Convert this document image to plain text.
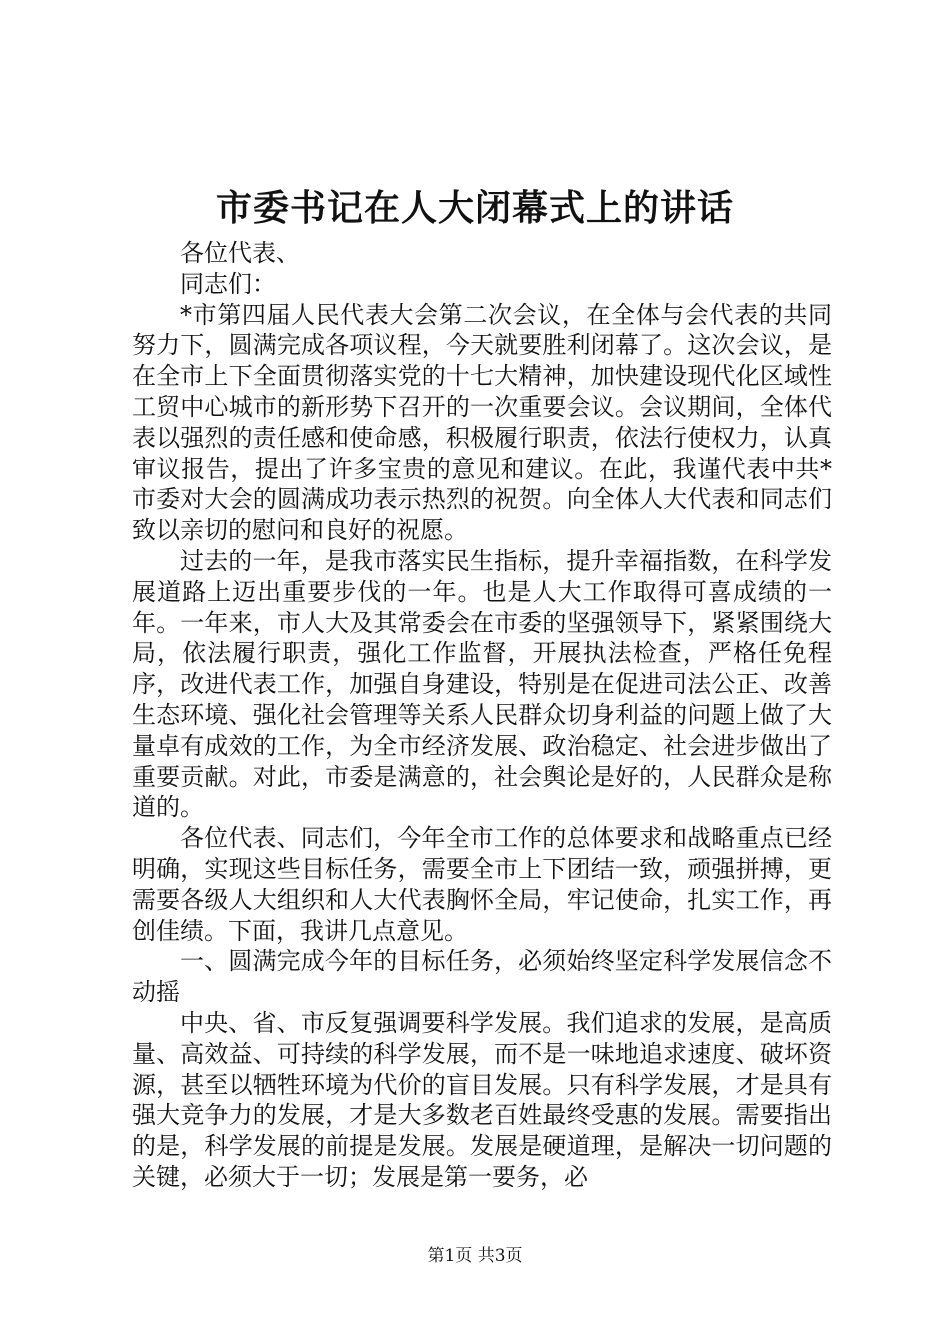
市委书记在人大闭幕式上的讲话

各位代表、

同志们：

*市第四届人民代表大会第二次会议，在全体与会代表的共同努力下，圆满完成各项议程，今天就要胜利闭幕了。这次会议，是在全市上下全面贯彻落实党的十七大精神，加快建设现代化区域性工贸中心城市的新形势下召开的一次重要会议。会议期间，全体代表以强烈的责任感和使命感，积极履行职责，依法行使权力，认真审议报告，提出了许多宝贵的意见和建议。在此，我谨代表中共*市委对大会的圆满成功表示热烈的祝贺。向全体人大代表和同志们致以亲切的慰问和良好的祝愿。

过去的一年，是我市落实民生指标，提升幸福指数，在科学发展道路上迈出重要步伐的一年。也是人大工作取得可喜成绩的一年。一年来，市人大及其常委会在市委的坚强领导下，紧紧围绕大局，依法履行职责，强化工作监督，开展执法检查，严格任免程序，改进代表工作，加强自身建设，特别是在促进司法公正、改善生态环境、强化社会管理等关系人民群众切身利益的问题上做了大量卓有成效的工作，为全市经济发展、政治稳定、社会进步做出了重要贡献。对此，市委是满意的，社会舆论是好的，人民群众是称道的。

各位代表、同志们，今年全市工作的总体要求和战略重点已经明确，实现这些目标任务，需要全市上下团结一致，顽强拼搏，更需要各级人大组织和人大代表胸怀全局，牢记使命，扎实工作，再创佳绩。下面，我讲几点意见。

一、圆满完成今年的目标任务，必须始终坚定科学发展信念不动摇

中央、省、市反复强调要科学发展。我们追求的发展，是高质量、高效益、可持续的科学发展，而不是一味地追求速度、破坏资源，甚至以牺牲环境为代价的盲目发展。只有科学发展，才是具有强大竞争力的发展，才是大多数老百姓最终受惠的发展。需要指出的是，科学发展的前提是发展。发展是硬道理，是解决一切问题的关键，必须大于一切；发展是第一要务，必

第1页 共3页
